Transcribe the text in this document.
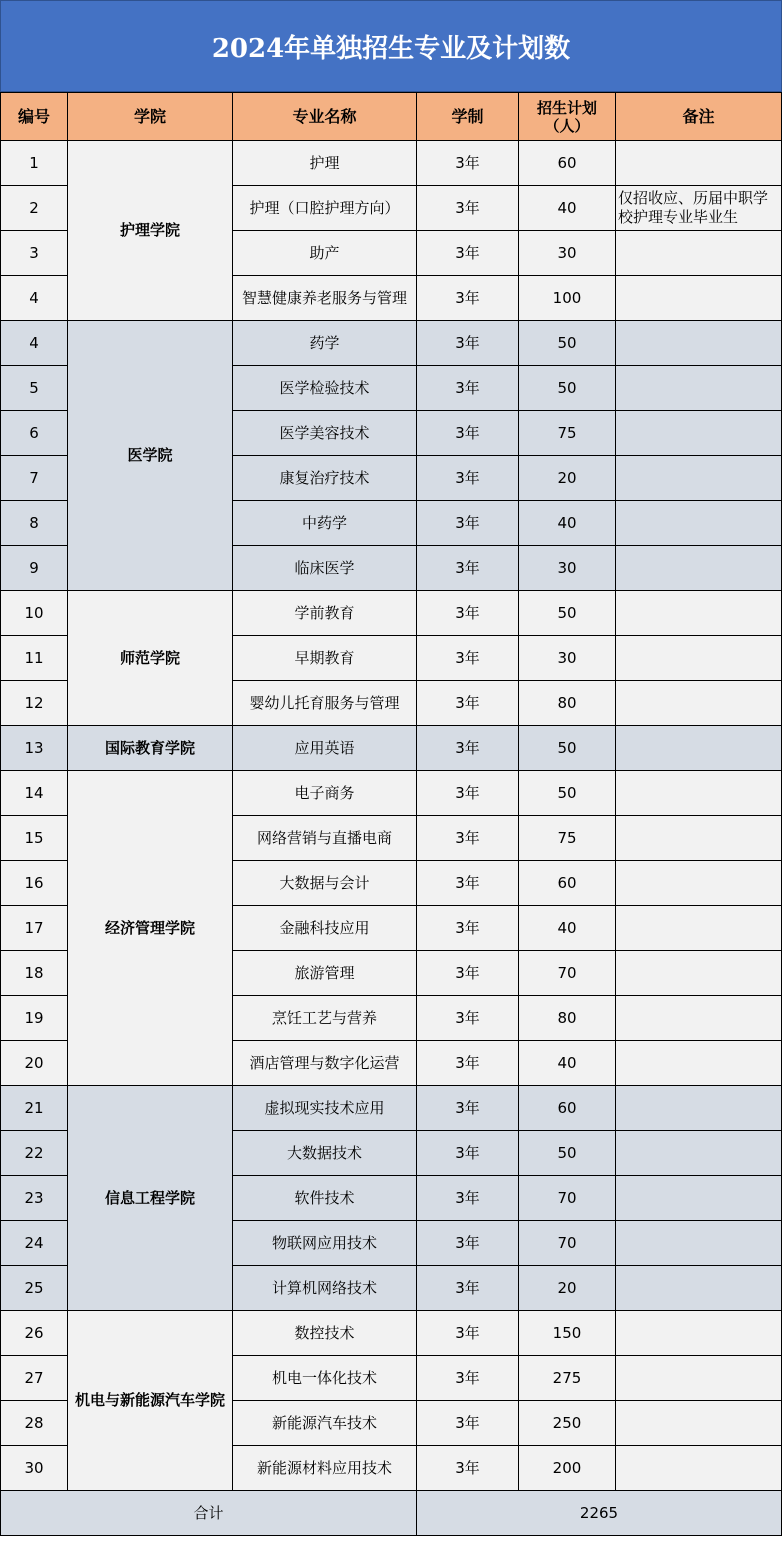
2024年单独招生专业及计划数
编号	学院	专业名称	学制	招生计划（人）	备注
1	护理学院	护理	3年	60	
2		护理（口腔护理方向）	3年	40	仅招收应、历届中职学校护理专业毕业生
3		助产	3年	30	
4		智慧健康养老服务与管理	3年	100	
4	医学院	药学	3年	50	
5		医学检验技术	3年	50	
6		医学美容技术	3年	75	
7		康复治疗技术	3年	20	
8		中药学	3年	40	
9		临床医学	3年	30	
10	师范学院	学前教育	3年	50	
11		早期教育	3年	30	
12		婴幼儿托育服务与管理	3年	80	
13	国际教育学院	应用英语	3年	50	
14	经济管理学院	电子商务	3年	50	
15		网络营销与直播电商	3年	75	
16		大数据与会计	3年	60	
17		金融科技应用	3年	40	
18		旅游管理	3年	70	
19		烹饪工艺与营养	3年	80	
20		酒店管理与数字化运营	3年	40	
21	信息工程学院	虚拟现实技术应用	3年	60	
22		大数据技术	3年	50	
23		软件技术	3年	70	
24		物联网应用技术	3年	70	
25		计算机网络技术	3年	20	
26	机电与新能源汽车学院	数控技术	3年	150	
27		机电一体化技术	3年	275	
28		新能源汽车技术	3年	250	
30		新能源材料应用技术	3年	200	
合计			2265		
